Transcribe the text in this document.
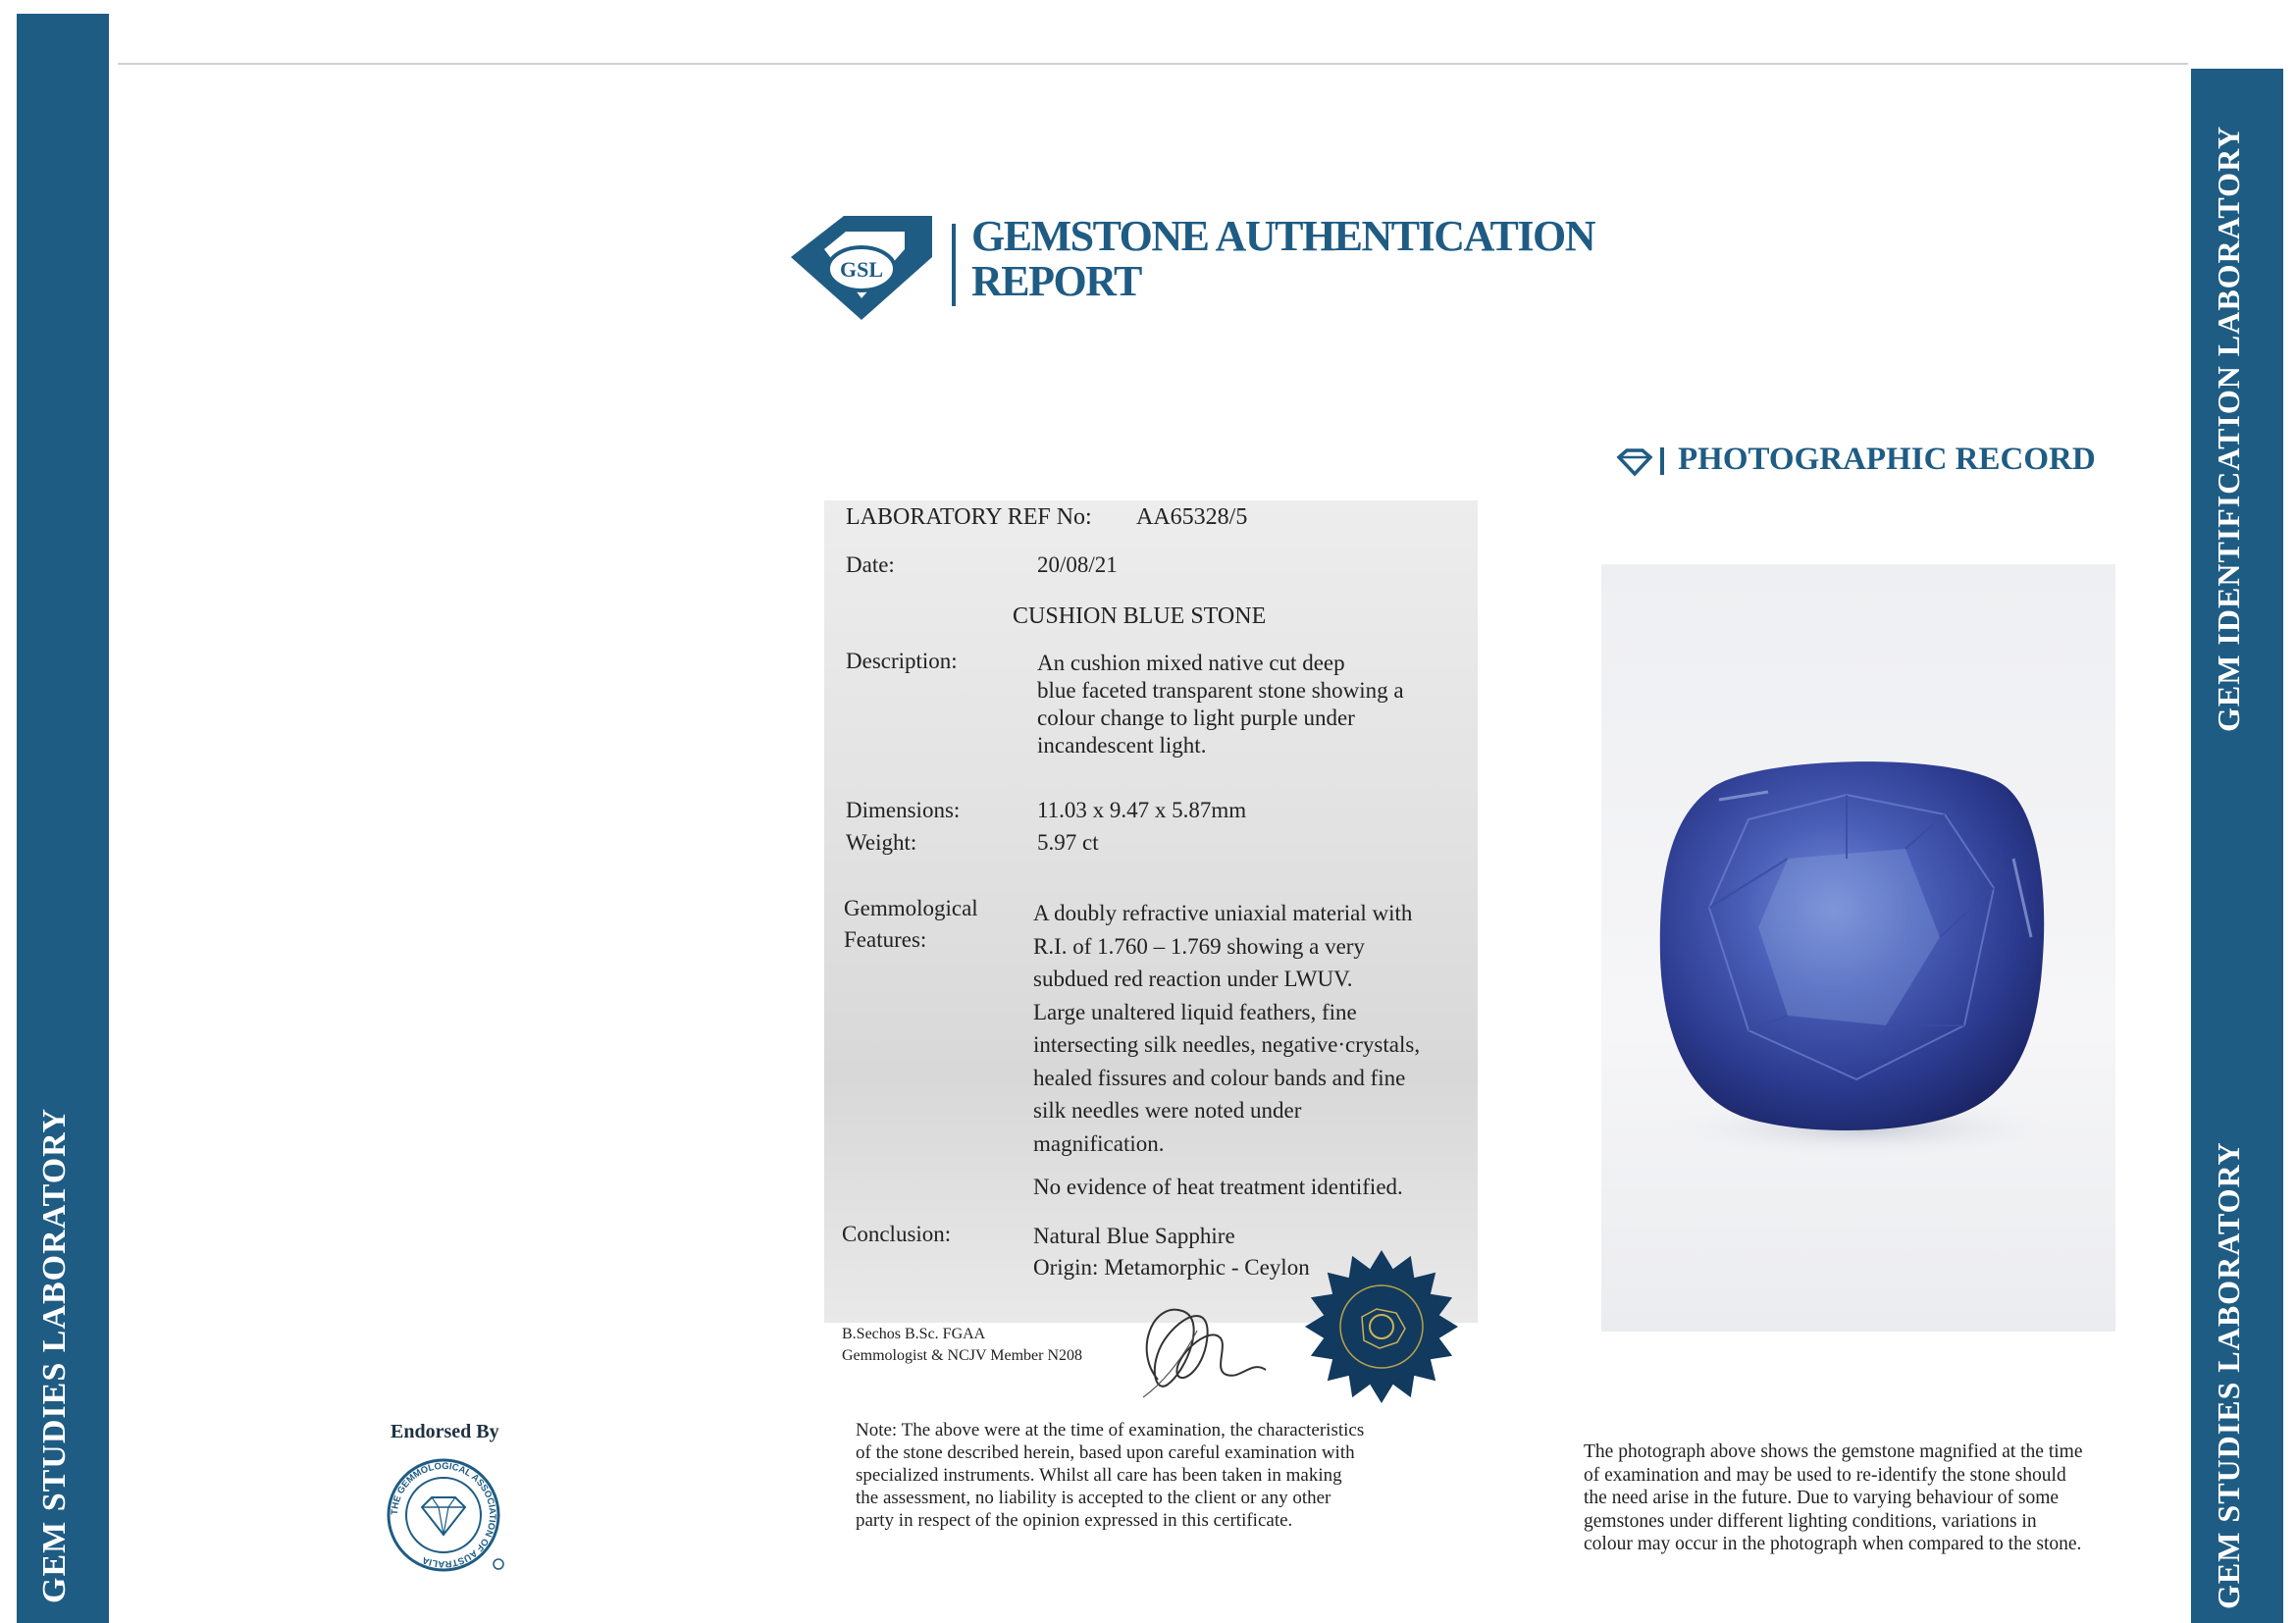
GEM STUDIES LABORATORY
GEM IDENTIFICATION LABORATORY
GEM STUDIES LABORATORY
GSL
GEMSTONE AUTHENTICATION
REPORT
LABORATORY REF No: AA65328/5
Date:	20/08/21
CUSHION BLUE STONE
Description:	An cushion mixed native cut deep
blue faceted transparent stone showing a
colour change to light purple under
incandescent light.
Dimensions:	11.03 x 9.47 x 5.87mm
Weight:	5.97 ct
Gemmological
Features:
A doubly refractive uniaxial material with
R.I. of 1.760 – 1.769 showing a very
subdued red reaction under LWUV.
Large unaltered liquid feathers, fine
intersecting silk needles, negative·crystals,
healed fissures and colour bands and fine
silk needles were noted under
magnification.
No evidence of heat treatment identified.
Conclusion:	Natural Blue Sapphire
Origin: Metamorphic - Ceylon
B.Sechos B.Sc. FGAA
Gemmologist & NCJV Member N208
Note: The above were at the time of examination, the characteristics
of the stone described herein, based upon careful examination with
specialized instruments. Whilst all care has been taken in making
the assessment, no liability is accepted to the client or any other
party in respect of the opinion expressed in this certificate.
Endorsed By
THE GEMMOLOGICAL ASSOCIATION OF AUSTRALIA
PHOTOGRAPHIC RECORD
The photograph above shows the gemstone magnified at the time
of examination and may be used to re-identify the stone should
the need arise in the future. Due to varying behaviour of some
gemstones under different lighting conditions, variations in
colour may occur in the photograph when compared to the stone.
